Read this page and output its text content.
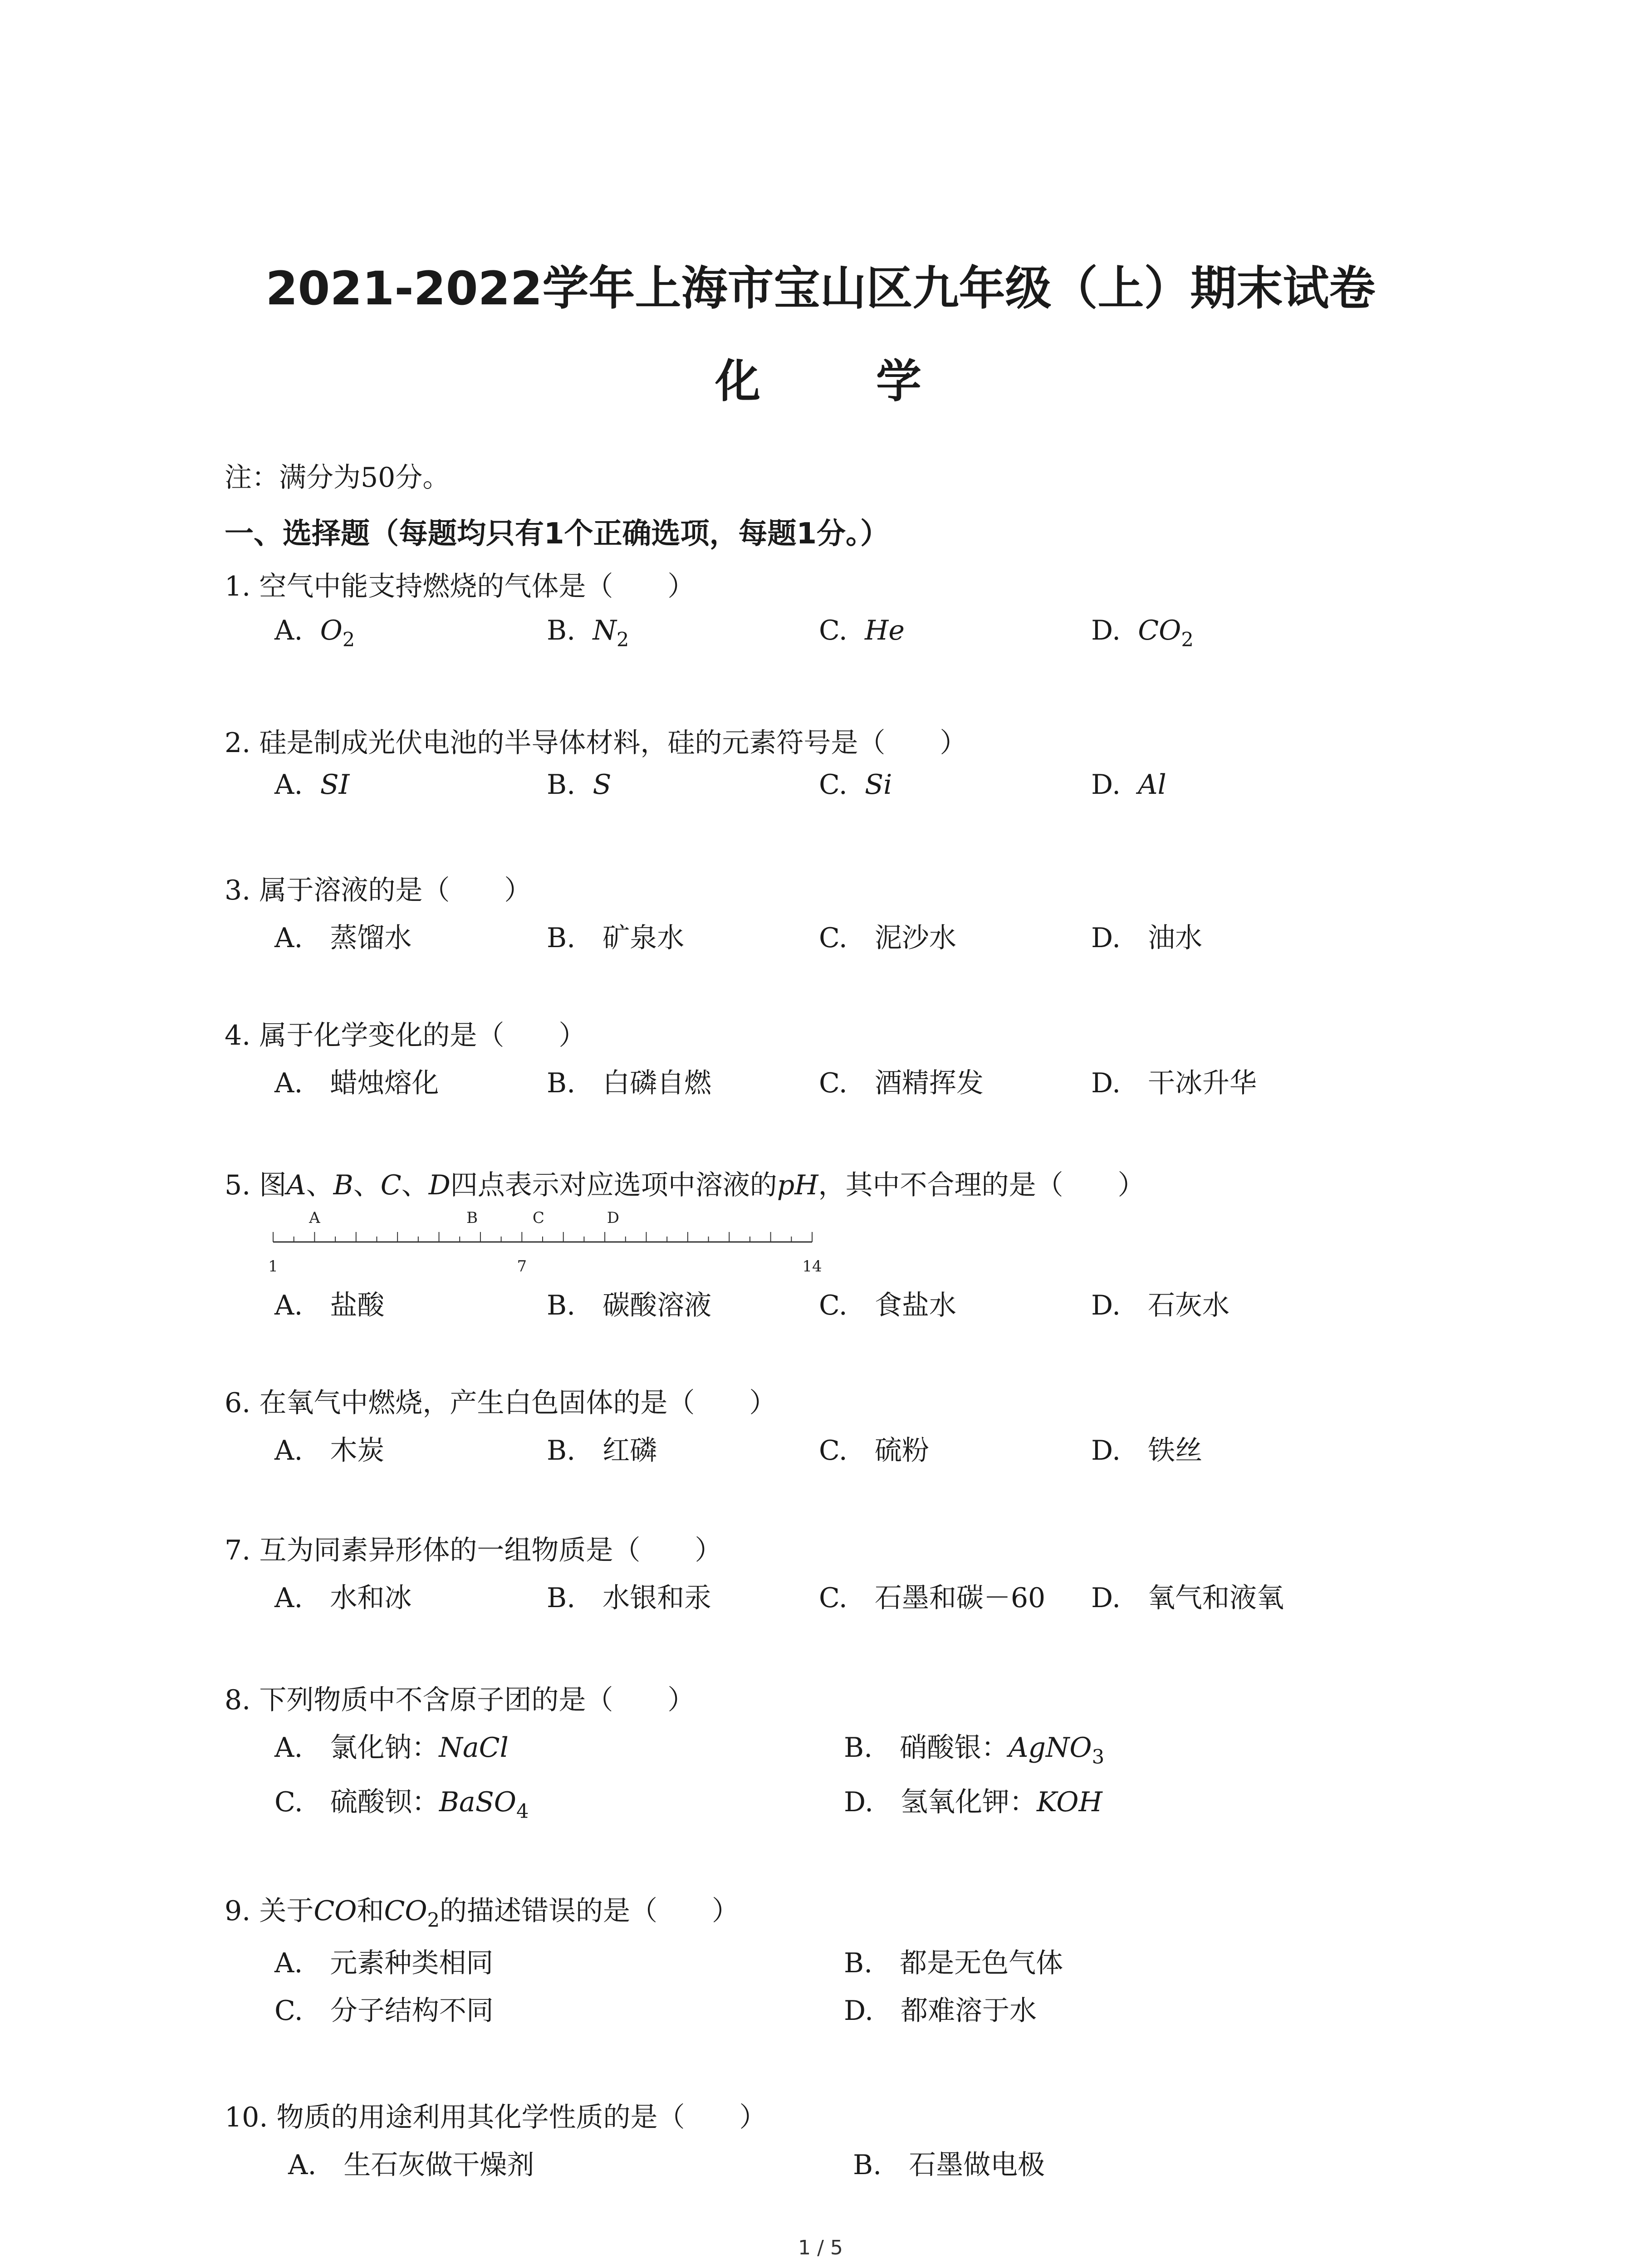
2021-2022学年上海市宝山区九年级（上）期末试卷
化 学
注：满分为50分。
一、选择题（每题均只有1个正确选项，每题1分。）
1. 空气中能支持燃烧的气体是（　　）
A. $O_2$	B. $N_2$	C. He	D. $CO_2$
2. 硅是制成光伏电池的半导体材料，硅的元素符号是（　　）
A. SI	B. S	C. Si	D. Al
3. 属于溶液的是（　　）
A.　蒸馏水	B.　矿泉水	C.　泥沙水	D.　油水
4. 属于化学变化的是（　　）
A.　蜡烛熔化	B.　白磷自燃	C.　酒精挥发	D.　干冰升华
5. 图A、B、C、D四点表示对应选项中溶液的pH，其中不合理的是（　　）
1	7	14
A	B	C	D
A.　盐酸	B.　碳酸溶液	C.　食盐水	D.　石灰水
6. 在氧气中燃烧，产生白色固体的是（　　）
A.　木炭	B.　红磷	C.　硫粉	D.　铁丝
7. 互为同素异形体的一组物质是（　　）
A.　水和冰	B.　水银和汞	C.　石墨和碳－60 D.　氧气和液氧
8. 下列物质中不含原子团的是（　　）
A.　氯化钠：NaCl	B.　硝酸银：AgNO$_3$
C.　硫酸钡：BaSO$_4$	D.　氢氧化钾：KOH
9. 关于CO和$CO_2$的描述错误的是（　　）
A.　元素种类相同	B.　都是无色气体
C.　分子结构不同	D.　都难溶于水
10. 物质的用途利用其化学性质的是（　　）
A.　生石灰做干燥剂	B.　石墨做电极
1 / 5
